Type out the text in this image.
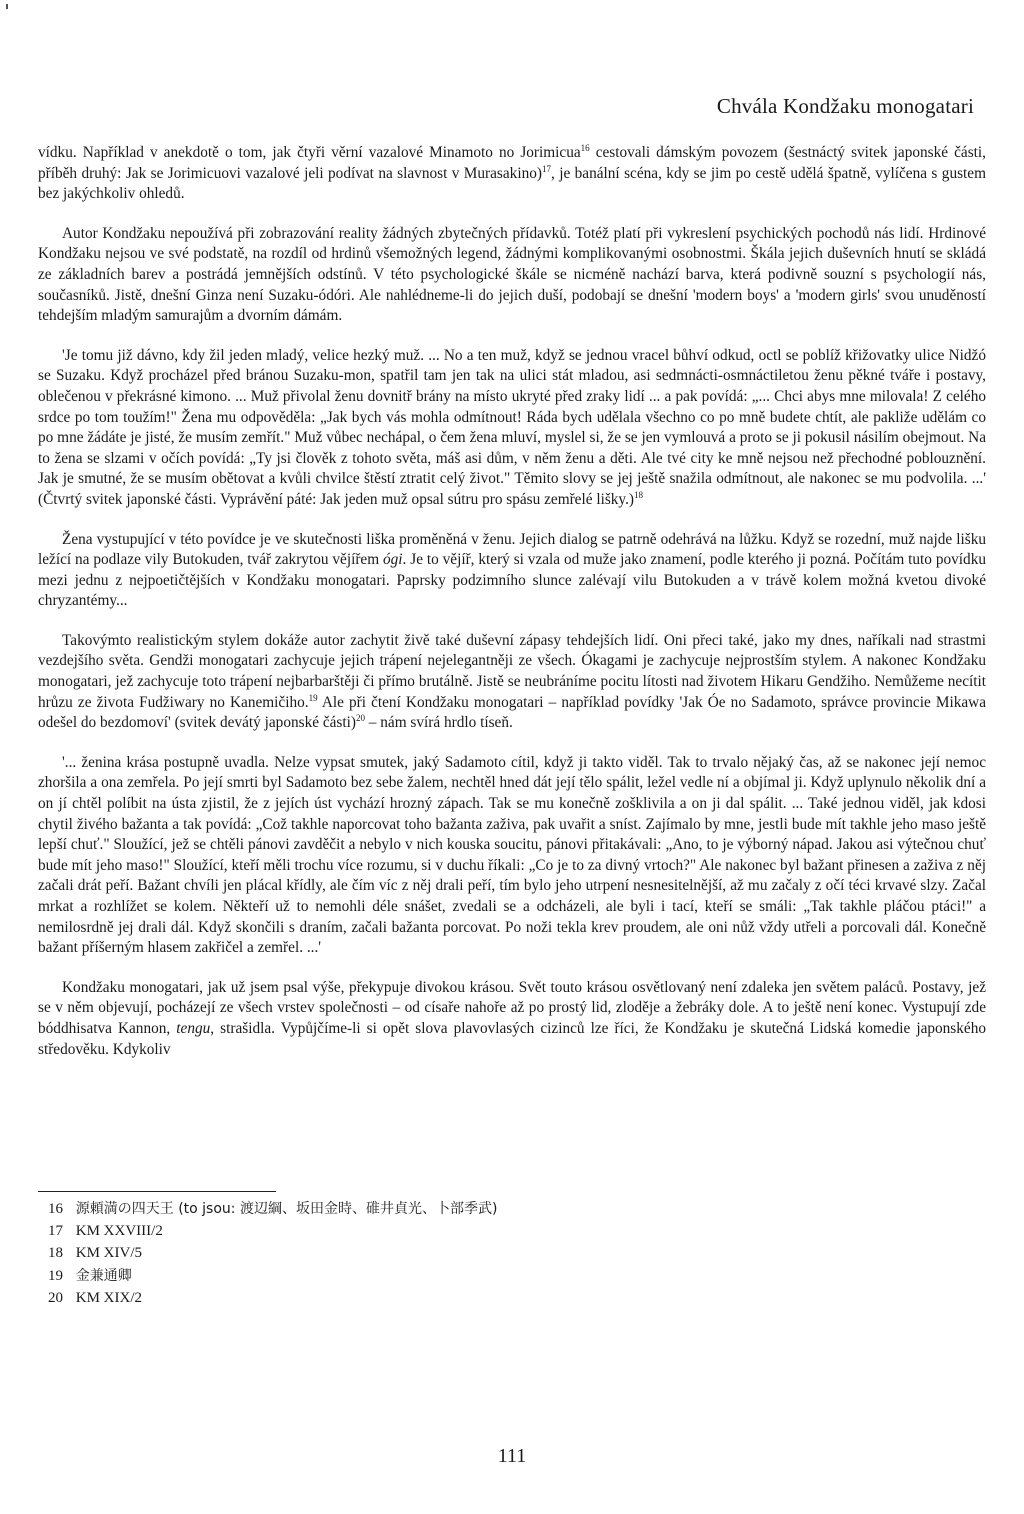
Chvála Kondžaku monogatari

vídku. Například v anekdotě o tom, jak čtyři věrní vazalové Minamoto no Jorimicua$^{16}$ cestovali dámským povozem (šestnáctý svitek japonské části, příběh druhý: Jak se Jorimicuovi vazalové jeli podívat na slavnost v Murasakino)$^{17}$, je banální scéna, kdy se jim po cestě udělá špatně, vylíčena s gustem bez jakýchkoliv ohledů.

Autor Kondžaku nepoužívá při zobrazování reality žádných zbytečných přídavků. Totéž platí při vykreslení psychických pochodů nás lidí. Hrdinové Kondžaku nejsou ve své podstatě, na rozdíl od hrdinů všemožných legend, žádnými komplikovanými osobnostmi. Škála jejich duševních hnutí se skládá ze základních barev a postrádá jemnějších odstínů. V této psychologické škále se nicméně nachází barva, která podivně souzní s psychologií nás, současníků. Jistě, dnešní Ginza není Suzaku-ódóri. Ale nahlédneme-li do jejich duší, podobají se dnešní 'modern boys' a 'modern girls' svou unuděností tehdejším mladým samurajům a dvorním dámám.

'Je tomu již dávno, kdy žil jeden mladý, velice hezký muž. ... No a ten muž, když se jednou vracel bůhví odkud, octl se poblíž křižovatky ulice Nidžó se Suzaku. Když procházel před bránou Suzaku-mon, spatřil tam jen tak na ulici stát mladou, asi sedmnácti-osmnáctiletou ženu pěkné tváře i postavy, oblečenou v překrásné kimono. ... Muž přivolal ženu dovnitř brány na místo ukryté před zraky lidí ... a pak povídá: „... Chci abys mne milovala! Z celého srdce po tom toužím!" Žena mu odpověděla: „Jak bych vás mohla odmítnout! Ráda bych udělala všechno co po mně budete chtít, ale pakliže udělám co po mne žádáte je jisté, že musím zemřít." Muž vůbec nechápal, o čem žena mluví, myslel si, že se jen vymlouvá a proto se ji pokusil násilím obejmout. Na to žena se slzami v očích povídá: „Ty jsi člověk z tohoto světa, máš asi dům, v něm ženu a děti. Ale tvé city ke mně nejsou než přechodné poblouznění. Jak je smutné, že se musím obětovat a kvůli chvilce štěstí ztratit celý život." Těmito slovy se jej ještě snažila odmítnout, ale nakonec se mu podvolila. ...' (Čtvrtý svitek japonské části. Vyprávění páté: Jak jeden muž opsal sútru pro spásu zemřelé lišky.)$^{18}$

Žena vystupující v této povídce je ve skutečnosti liška proměněná v ženu. Jejich dialog se patrně odehrává na lůžku. Když se rozední, muž najde lišku ležící na podlaze vily Butokuden, tvář zakrytou vějířem ógi. Je to vějíř, který si vzala od muže jako znamení, podle kterého ji pozná. Počítám tuto povídku mezi jednu z nejpoetičtějších v Kondžaku monogatari. Paprsky podzimního slunce zalévají vilu Butokuden a v trávě kolem možná kvetou divoké chryzantémy...

Takovýmto realistickým stylem dokáže autor zachytit živě také duševní zápasy tehdejších lidí. Oni přeci také, jako my dnes, naříkali nad strastmi vezdejšího světa. Gendži monogatari zachycuje jejich trápení nejelegantněji ze všech. Ókagami je zachycuje nejprostším stylem. A nakonec Kondžaku monogatari, jež zachycuje toto trápení nejbarbarštěji či přímo brutálně. Jistě se neubráníme pocitu lítosti nad životem Hikaru Gendžiho. Nemůžeme necítit hrůzu ze života Fudžiwary no Kanemičiho.$^{19}$ Ale při čtení Kondžaku monogatari – například povídky 'Jak Óe no Sadamoto, správce provincie Mikawa odešel do bezdomoví' (svitek devátý japonské části)$^{20}$ – nám svírá hrdlo tíseň.

'... ženina krása postupně uvadla. Nelze vypsat smutek, jaký Sadamoto cítil, když ji takto viděl. Tak to trvalo nějaký čas, až se nakonec její nemoc zhoršila a ona zemřela. Po její smrti byl Sadamoto bez sebe žalem, nechtěl hned dát její tělo spálit, ležel vedle ní a objímal ji. Když uplynulo několik dní a on jí chtěl políbit na ústa zjistil, že z jejích úst vychází hrozný zápach. Tak se mu konečně zošklivila a on ji dal spálit. ... Také jednou viděl, jak kdosi chytil živého bažanta a tak povídá: „Což takhle naporcovat toho bažanta zaživa, pak uvařit a sníst. Zajímalo by mne, jestli bude mít takhle jeho maso ještě lepší chuť." Sloužící, jež se chtěli pánovi zavděčit a nebylo v nich kouska soucitu, pánovi přitakávali: „Ano, to je výborný nápad. Jakou asi výtečnou chuť bude mít jeho maso!" Sloužící, kteří měli trochu více rozumu, si v duchu říkali: „Co je to za divný vrtoch?" Ale nakonec byl bažant přinesen a zaživa z něj začali drát peří. Bažant chvíli jen plácal křídly, ale čím víc z něj drali peří, tím bylo jeho utrpení nesnesitelnější, až mu začaly z očí téci krvavé slzy. Začal mrkat a rozhlížet se kolem. Někteří už to nemohli déle snášet, zvedali se a odcházeli, ale byli i tací, kteří se smáli: „Tak takhle pláčou ptáci!" a nemilosrdně jej drali dál. Když skončili s draním, začali bažanta porcovat. Po noži tekla krev proudem, ale oni nůž vždy utřeli a porcovali dál. Konečně bažant příšerným hlasem zakřičel a zemřel. ...'

Kondžaku monogatari, jak už jsem psal výše, překypuje divokou krásou. Svět touto krásou osvětlovaný není zdaleka jen světem paláců. Postavy, jež se v něm objevují, pocházejí ze všech vrstev společnosti – od císaře nahoře až po prostý lid, zloděje a žebráky dole. A to ještě není konec. Vystupují zde bóddhisatva Kannon, tengu, strašidla. Vypůjčíme-li si opět slova plavovlasých cizinců lze říci, že Kondžaku je skutečná Lidská komedie japonského středověku. Kdykoliv

16 源頼満の四天王 (to jsou: 渡辺綱、坂田金時、碓井貞光、卜部季武)
17 KM XXVIII/2
18 KM XIV/5
19 金兼通卿
20 KM XIX/2
111
